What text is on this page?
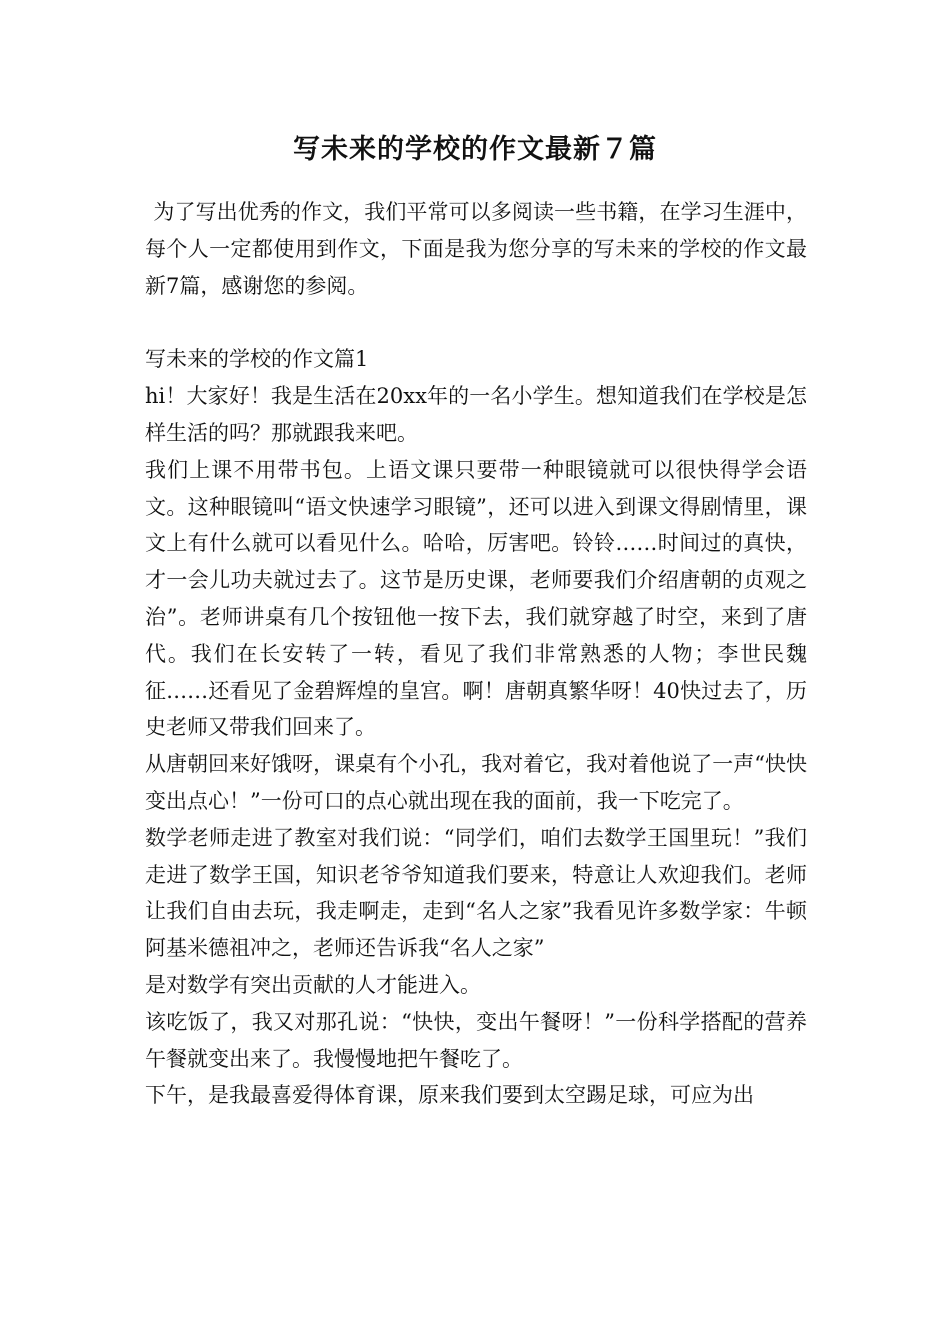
写未来的学校的作文最新７篇

为了写出优秀的作文，我们平常可以多阅读一些书籍，在学习生涯中，每个人一定都使用到作文，下面是我为您分享的写未来的学校的作文最新7篇，感谢您的参阅。

写未来的学校的作文篇1

hi！大家好！我是生活在20xx年的一名小学生。想知道我们在学校是怎样生活的吗？那就跟我来吧。

我们上课不用带书包。上语文课只要带一种眼镜就可以很快得学会语文。这种眼镜叫“语文快速学习眼镜”，还可以进入到课文得剧情里，课文上有什么就可以看见什么。哈哈，厉害吧。铃铃……时间过的真快，才一会儿功夫就过去了。这节是历史课，老师要我们介绍唐朝的贞观之治”。老师讲桌有几个按钮他一按下去，我们就穿越了时空，来到了唐代。我们在长安转了一转，看见了我们非常熟悉的人物；李世民魏征……还看见了金碧辉煌的皇宫。啊！唐朝真繁华呀！40快过去了，历史老师又带我们回来了。

从唐朝回来好饿呀，课桌有个小孔，我对着它，我对着他说了一声“快快变出点心！”一份可口的点心就出现在我的面前，我一下吃完了。

数学老师走进了教室对我们说：“同学们，咱们去数学王国里玩！”我们走进了数学王国，知识老爷爷知道我们要来，特意让人欢迎我们。老师让我们自由去玩，我走啊走，走到“名人之家”我看见许多数学家：牛顿阿基米德祖冲之，老师还告诉我“名人之家”

是对数学有突出贡献的人才能进入。

该吃饭了，我又对那孔说：“快快，变出午餐呀！”一份科学搭配的营养午餐就变出来了。我慢慢地把午餐吃了。

下午，是我最喜爱得体育课，原来我们要到太空踢足球，可应为出
